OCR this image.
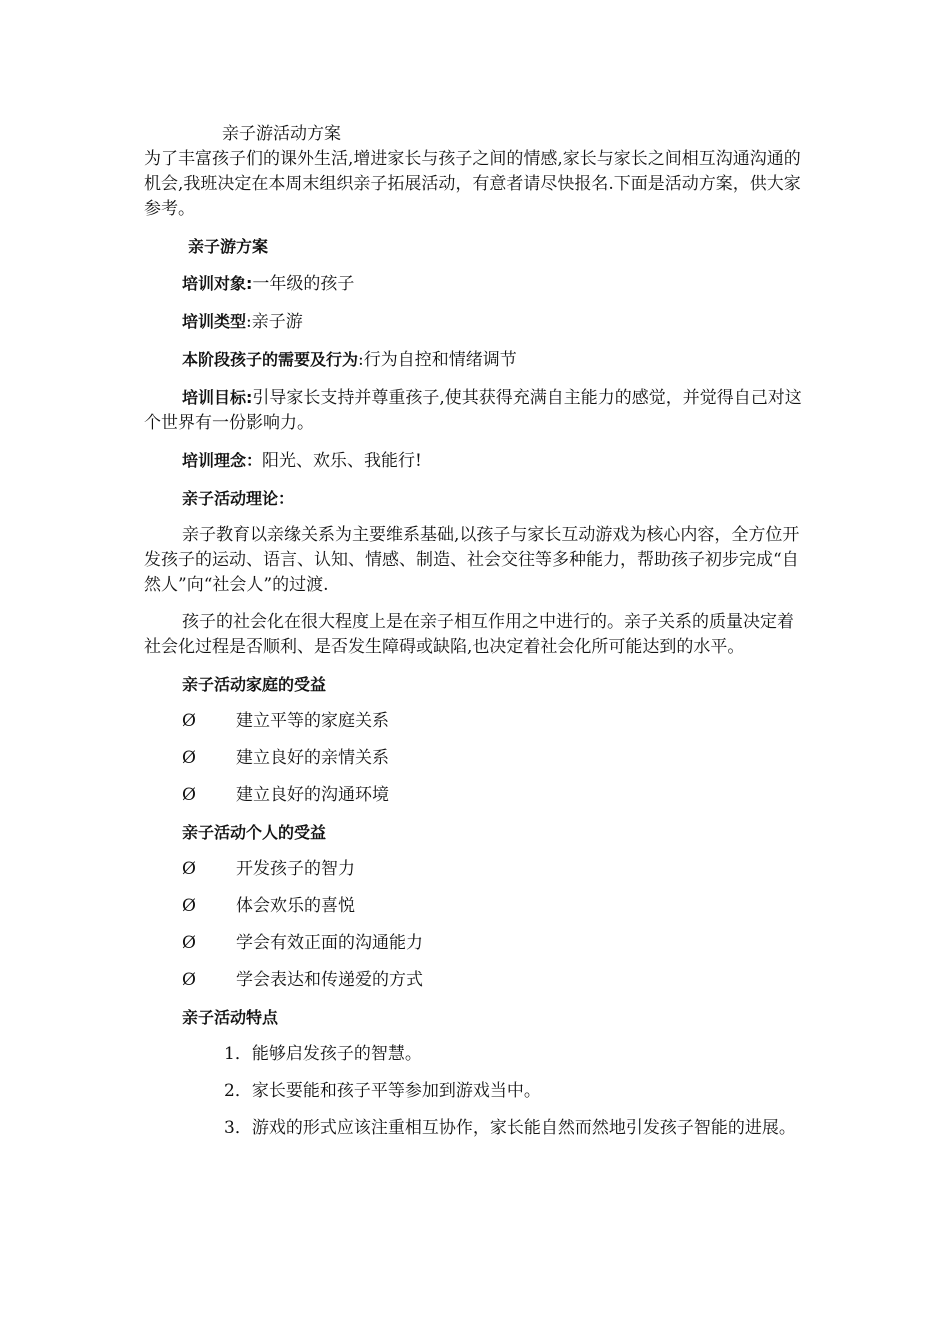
亲子游活动方案

为了丰富孩子们的课外生活,增进家长与孩子之间的情感,家长与家长之间相互沟通沟通的机会,我班决定在本周末组织亲子拓展活动，有意者请尽快报名.下面是活动方案，供大家参考。

亲子游方案

培训对象:一年级的孩子

培训类型:亲子游

本阶段孩子的需要及行为:行为自控和情绪调节

培训目标:引导家长支持并尊重孩子,使其获得充满自主能力的感觉，并觉得自己对这个世界有一份影响力。

培训理念：阳光、欢乐、我能行!

亲子活动理论：

亲子教育以亲缘关系为主要维系基础,以孩子与家长互动游戏为核心内容，全方位开发孩子的运动、语言、认知、情感、制造、社会交往等多种能力，帮助孩子初步完成“自然人”向“社会人”的过渡.

孩子的社会化在很大程度上是在亲子相互作用之中进行的。亲子关系的质量决定着社会化过程是否顺利、是否发生障碍或缺陷,也决定着社会化所可能达到的水平。

亲子活动家庭的受益

Ø	建立平等的家庭关系
Ø	建立良好的亲情关系
Ø	建立良好的沟通环境

亲子活动个人的受益

Ø	开发孩子的智力
Ø	体会欢乐的喜悦
Ø	学会有效正面的沟通能力
Ø	学会表达和传递爱的方式

亲子活动特点

1．能够启发孩子的智慧。

2．家长要能和孩子平等参加到游戏当中。

3．游戏的形式应该注重相互协作，家长能自然而然地引发孩子智能的进展。
